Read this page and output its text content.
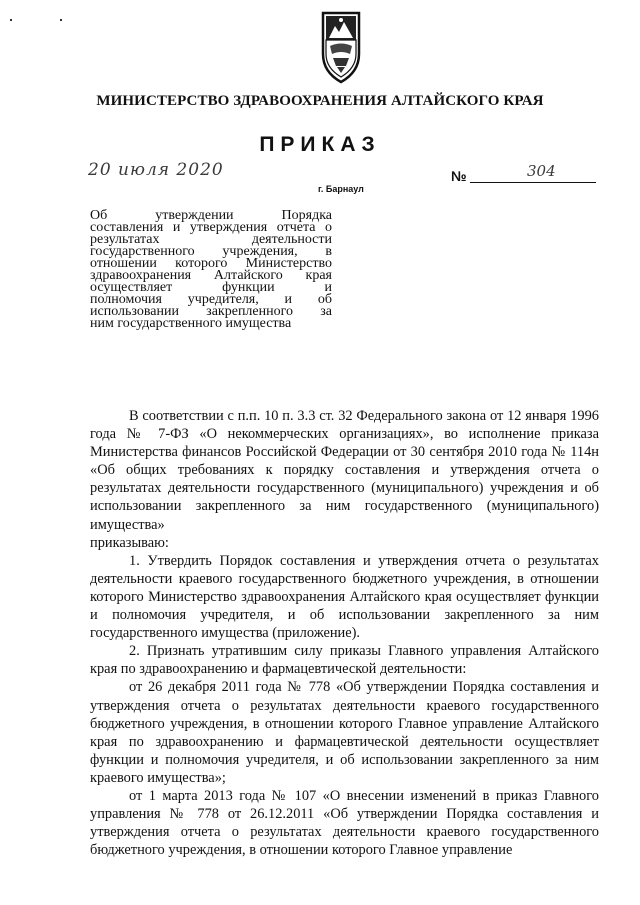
МИНИСТЕРСТВО ЗДРАВООХРАНЕНИЯ АЛТАЙСКОГО КРАЯ
ПРИКАЗ
20 июля 2020	№	304
г. Барнаул
Об утверждении Порядка
составления и утверждения отчета о
результатах деятельности
государственного учреждения, в
отношении которого Министерство
здравоохранения Алтайского края
осуществляет функции и
полномочия учредителя, и об
использовании закрепленного за
ним государственного имущества

В соответствии с п.п. 10 п. 3.3 ст. 32 Федерального закона от 12 января 1996 года № 7-ФЗ «О некоммерческих организациях», во исполнение приказа Министерства финансов Российской Федерации от 30 сентября 2010 года № 114н «Об общих требованиях к порядку составления и утверждения отчета о результатах деятельности государственного (муниципального) учреждения и об использовании закрепленного за ним государственного (муниципального) имущества»

приказываю:

1. Утвердить Порядок составления и утверждения отчета о результатах деятельности краевого государственного бюджетного учреждения, в отношении которого Министерство здравоохранения Алтайского края осуществляет функции и полномочия учредителя, и об использовании закрепленного за ним государственного имущества (приложение).

2. Признать утратившим силу приказы Главного управления Алтайского края по здравоохранению и фармацевтической деятельности:

от 26 декабря 2011 года № 778 «Об утверждении Порядка составления и утверждения отчета о результатах деятельности краевого государственного бюджетного учреждения, в отношении которого Главное управление Алтайского края по здравоохранению и фармацевтической деятельности осуществляет функции и полномочия учредителя, и об использовании закрепленного за ним краевого имущества»;

от 1 марта 2013 года № 107 «О внесении изменений в приказ Главного управления № 778 от 26.12.2011 «Об утверждении Порядка составления и утверждения отчета о результатах деятельности краевого государственного бюджетного учреждения, в отношении которого Главное управление
